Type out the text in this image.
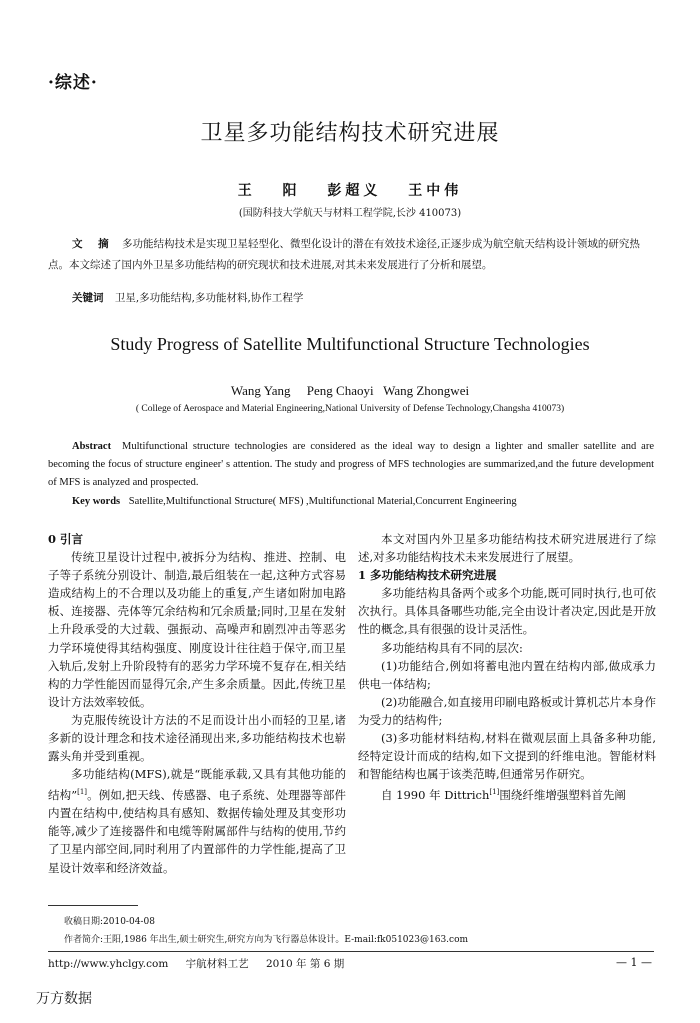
·综述·
卫星多功能结构技术研究进展
王 阳 彭超义 王中伟
(国防科技大学航天与材料工程学院,长沙 410073)
文 摘 多功能结构技术是实现卫星轻型化、微型化设计的潜在有效技术途径,正逐步成为航空航天结构设计领域的研究热点。本文综述了国内外卫星多功能结构的研究现状和技术进展,对其未来发展进行了分析和展望。
关键词 卫星,多功能结构,多功能材料,协作工程学
Study Progress of Satellite Multifunctional Structure Technologies
Wang Yang     Peng Chaoyi   Wang Zhongwei
( College of Aerospace and Material Engineering,National University of Defense Technology,Changsha 410073)
Abstract Multifunctional structure technologies are considered as the ideal way to design a lighter and smaller satellite and are becoming the focus of structure engineer' s attention. The study and progress of MFS technologies are summarized,and the future development of MFS is analyzed and prospected.
Key words Satellite,Multifunctional Structure( MFS) ,Multifunctional Material,Concurrent Engineering
0 引言

传统卫星设计过程中,被拆分为结构、推进、控制、电子等子系统分别设计、制造,最后组装在一起,这种方式容易造成结构上的不合理以及功能上的重复,产生诸如附加电路板、连接器、壳体等冗余结构和冗余质量;同时,卫星在发射上升段承受的大过载、强振动、高噪声和剧烈冲击等恶劣力学环境使得其结构强度、刚度设计往往趋于保守,而卫星入轨后,发射上升阶段特有的恶劣力学环境不复存在,相关结构的力学性能因而显得冗余,产生多余质量。因此,传统卫星设计方法效率较低。

为克服传统设计方法的不足而设计出小而轻的卫星,诸多新的设计理念和技术途径涌现出来,多功能结构技术也崭露头角并受到重视。

多功能结构(MFS),就是“既能承载,又具有其他功能的结构”[1]。例如,把天线、传感器、电子系统、处理器等部件内置在结构中,使结构具有感知、数据传输处理及其变形功能等,减少了连接器件和电缆等附属部件与结构的使用,节约了卫星内部空间,同时利用了内置部件的力学性能,提高了卫星设计效率和经济效益。

本文对国内外卫星多功能结构技术研究进展进行了综述,对多功能结构技术未来发展进行了展望。

1 多功能结构技术研究进展

多功能结构具备两个或多个功能,既可同时执行,也可依次执行。具体具备哪些功能,完全由设计者决定,因此是开放性的概念,具有很强的设计灵活性。

多功能结构具有不同的层次:

(1)功能结合,例如将蓄电池内置在结构内部,做成承力供电一体结构;

(2)功能融合,如直接用印刷电路板或计算机芯片本身作为受力的结构件;

(3)多功能材料结构,材料在微观层面上具备多种功能,经特定设计而成的结构,如下文提到的纤维电池。智能材料和智能结构也属于该类范畴,但通常另作研究。

自 1990 年 Dittrich[1]围绕纤维增强塑料首先阐

收稿日期:2010-04-08
作者简介:王阳,1986 年出生,硕士研究生,研究方向为飞行器总体设计。E-mail:fk051023@163.com
http://www.yhclgy.com 宇航材料工艺 2010 年 第 6 期	— 1 —
万方数据
